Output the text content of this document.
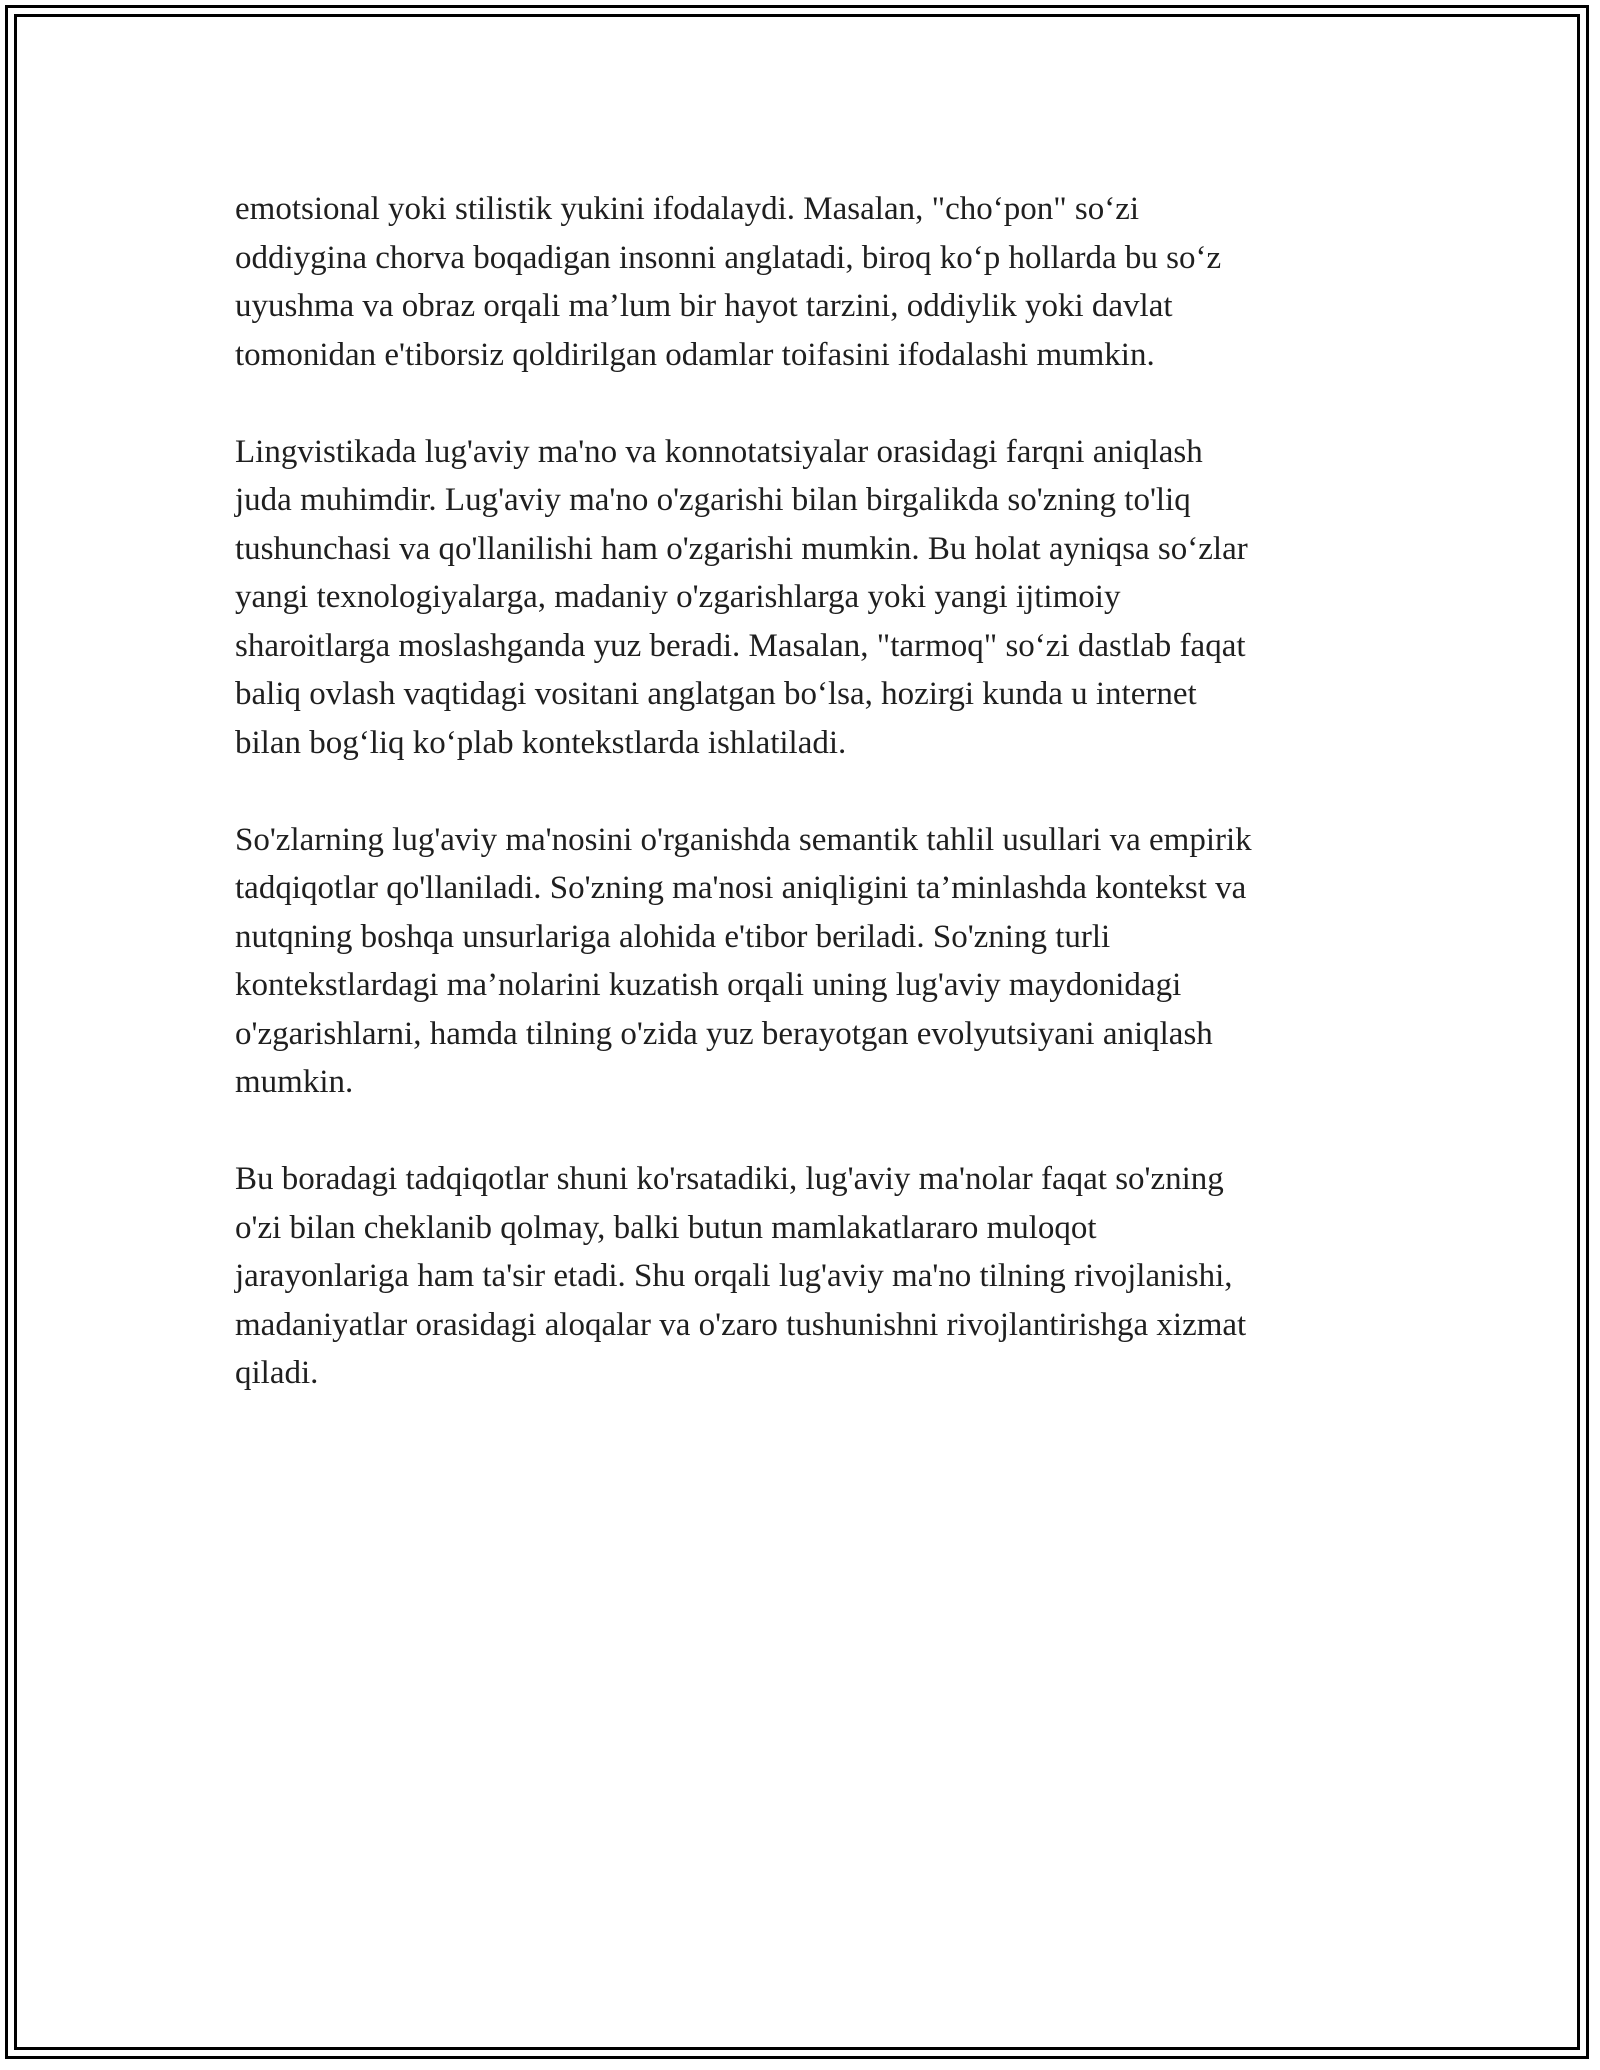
emotsional yoki stilistik yukini ifodalaydi. Masalan, "cho‘pon" so‘zi
oddiygina chorva boqadigan insonni anglatadi, biroq ko‘p hollarda bu so‘z
uyushma va obraz orqali ma’lum bir hayot tarzini, oddiylik yoki davlat
tomonidan e'tiborsiz qoldirilgan odamlar toifasini ifodalashi mumkin.

Lingvistikada lug'aviy ma'no va konnotatsiyalar orasidagi farqni aniqlash
juda muhimdir. Lug'aviy ma'no o'zgarishi bilan birgalikda so'zning to'liq
tushunchasi va qo'llanilishi ham o'zgarishi mumkin. Bu holat ayniqsa so‘zlar
yangi texnologiyalarga, madaniy o'zgarishlarga yoki yangi ijtimoiy
sharoitlarga moslashganda yuz beradi. Masalan, "tarmoq" so‘zi dastlab faqat
baliq ovlash vaqtidagi vositani anglatgan bo‘lsa, hozirgi kunda u internet
bilan bog‘liq ko‘plab kontekstlarda ishlatiladi.

So'zlarning lug'aviy ma'nosini o'rganishda semantik tahlil usullari va empirik
tadqiqotlar qo'llaniladi. So'zning ma'nosi aniqligini ta’minlashda kontekst va
nutqning boshqa unsurlariga alohida e'tibor beriladi. So'zning turli
kontekstlardagi ma’nolarini kuzatish orqali uning lug'aviy maydonidagi
o'zgarishlarni, hamda tilning o'zida yuz berayotgan evolyutsiyani aniqlash
mumkin.

Bu boradagi tadqiqotlar shuni ko'rsatadiki, lug'aviy ma'nolar faqat so'zning
o'zi bilan cheklanib qolmay, balki butun mamlakatlararo muloqot
jarayonlariga ham ta'sir etadi. Shu orqali lug'aviy ma'no tilning rivojlanishi,
madaniyatlar orasidagi aloqalar va o'zaro tushunishni rivojlantirishga xizmat
qiladi.
